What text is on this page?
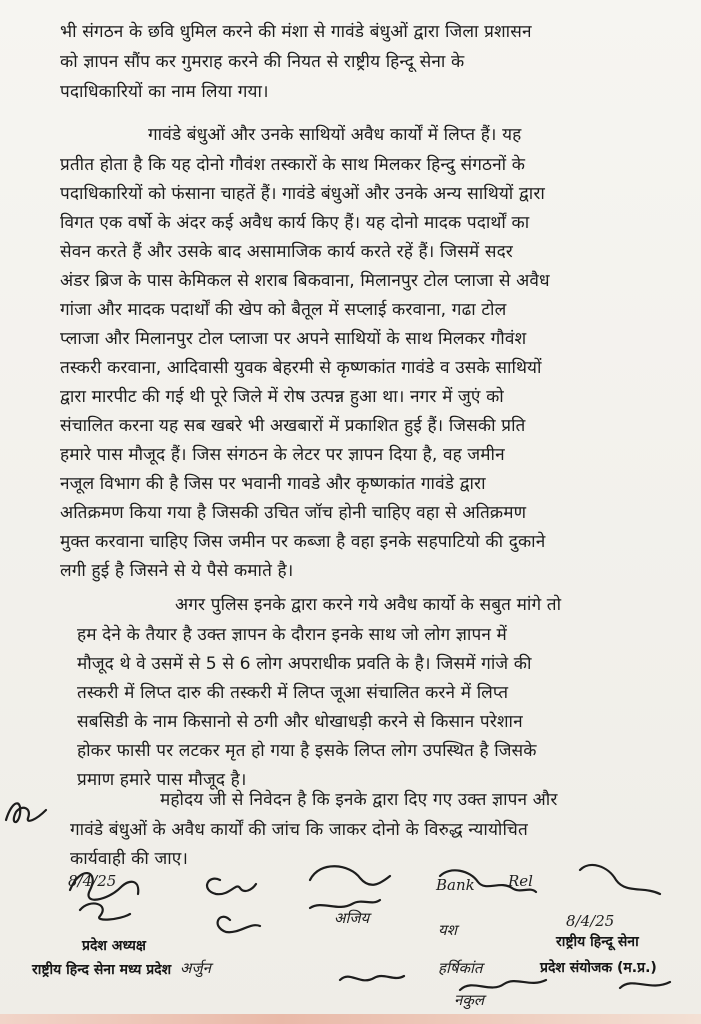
भी संगठन के छवि धुमिल करने की मंशा से गावंडे बंधुओं द्वारा जिला प्रशासन
को ज्ञापन सौंप कर गुमराह करने की नियत से राष्ट्रीय हिन्दू सेना के
पदाधिकारियों का नाम लिया गया।
गावंडे बंधुओं और उनके साथियों अवैध कार्यों में लिप्त हैं। यह
प्रतीत होता है कि यह दोनो गौवंश तस्कारों के साथ मिलकर हिन्दु संगठनों के
पदाधिकारियों को फंसाना चाहतें हैं। गावंडे बंधुओं और उनके अन्य साथियों द्वारा
विगत एक वर्षो के अंदर कई अवैध कार्य किए हैं। यह दोनो मादक पदार्थों का
सेवन करते हैं और उसके बाद असामाजिक कार्य करते रहें हैं। जिसमें सदर
अंडर ब्रिज के पास केमिकल से शराब बिकवाना, मिलानपुर टोल प्लाजा से अवैध
गांजा और मादक पदार्थों की खेप को बैतूल में सप्लाई करवाना, गढा टोल
प्लाजा और मिलानपुर टोल प्लाजा पर अपने साथियों के साथ मिलकर गौवंश
तस्करी करवाना, आदिवासी युवक बेहरमी से कृष्णकांत गावंडे व उसके साथियों
द्वारा मारपीट की गई थी पूरे जिले में रोष उत्पन्न हुआ था। नगर में जुएं को
संचालित करना यह सब खबरे भी अखबारों में प्रकाशित हुई हैं। जिसकी प्रति
हमारे पास मौजूद हैं। जिस संगठन के लेटर पर ज्ञापन दिया है, वह जमीन
नजूल विभाग की है जिस पर भवानी गावडे और कृष्णकांत गावंडे द्वारा
अतिक्रमण किया गया है जिसकी उचित जॉच होनी चाहिए वहा से अतिक्रमण
मुक्त करवाना चाहिए जिस जमीन पर कब्जा है वहा इनके सहपाटियो की दुकाने
लगी हुई है जिसने से ये पैसे कमाते है।
अगर पुलिस इनके द्वारा करने गये अवैध कार्यो के सबुत मांगे तो
हम देने के तैयार है उक्त ज्ञापन के दौरान इनके साथ जो लोग ज्ञापन में
मौजूद थे वे उसमें से 5 से 6 लोग अपराधीक प्रवति के है। जिसमें गांजे की
तस्करी में लिप्त दारु की तस्करी में लिप्त जूआ संचालित करने में लिप्त
सबसिडी के नाम किसानो से ठगी और धोखाधड़ी करने से किसान परेशान
होकर फासी पर लटकर मृत हो गया है इसके लिप्त लोग उपस्थित है जिसके
प्रमाण हमारे पास मौजूद है।
महोदय जी से निवेदन है कि इनके द्वारा दिए गए उक्त ज्ञापन और
गावंडे बंधुओं के अवैध कार्यों की जांच कि जाकर दोनो के विरुद्ध न्यायोचित
कार्यवाही की जाए।
8/4/25
8/4/25
Bank Rel
यश
अजिय
हर्षिकांत
नकुल
अर्जुन
प्रदेश अध्यक्ष
राष्ट्रीय हिन्द सेना मध्य प्रदेश
राष्ट्रीय हिन्दू सेना
प्रदेश संयोजक (म.प्र.)
